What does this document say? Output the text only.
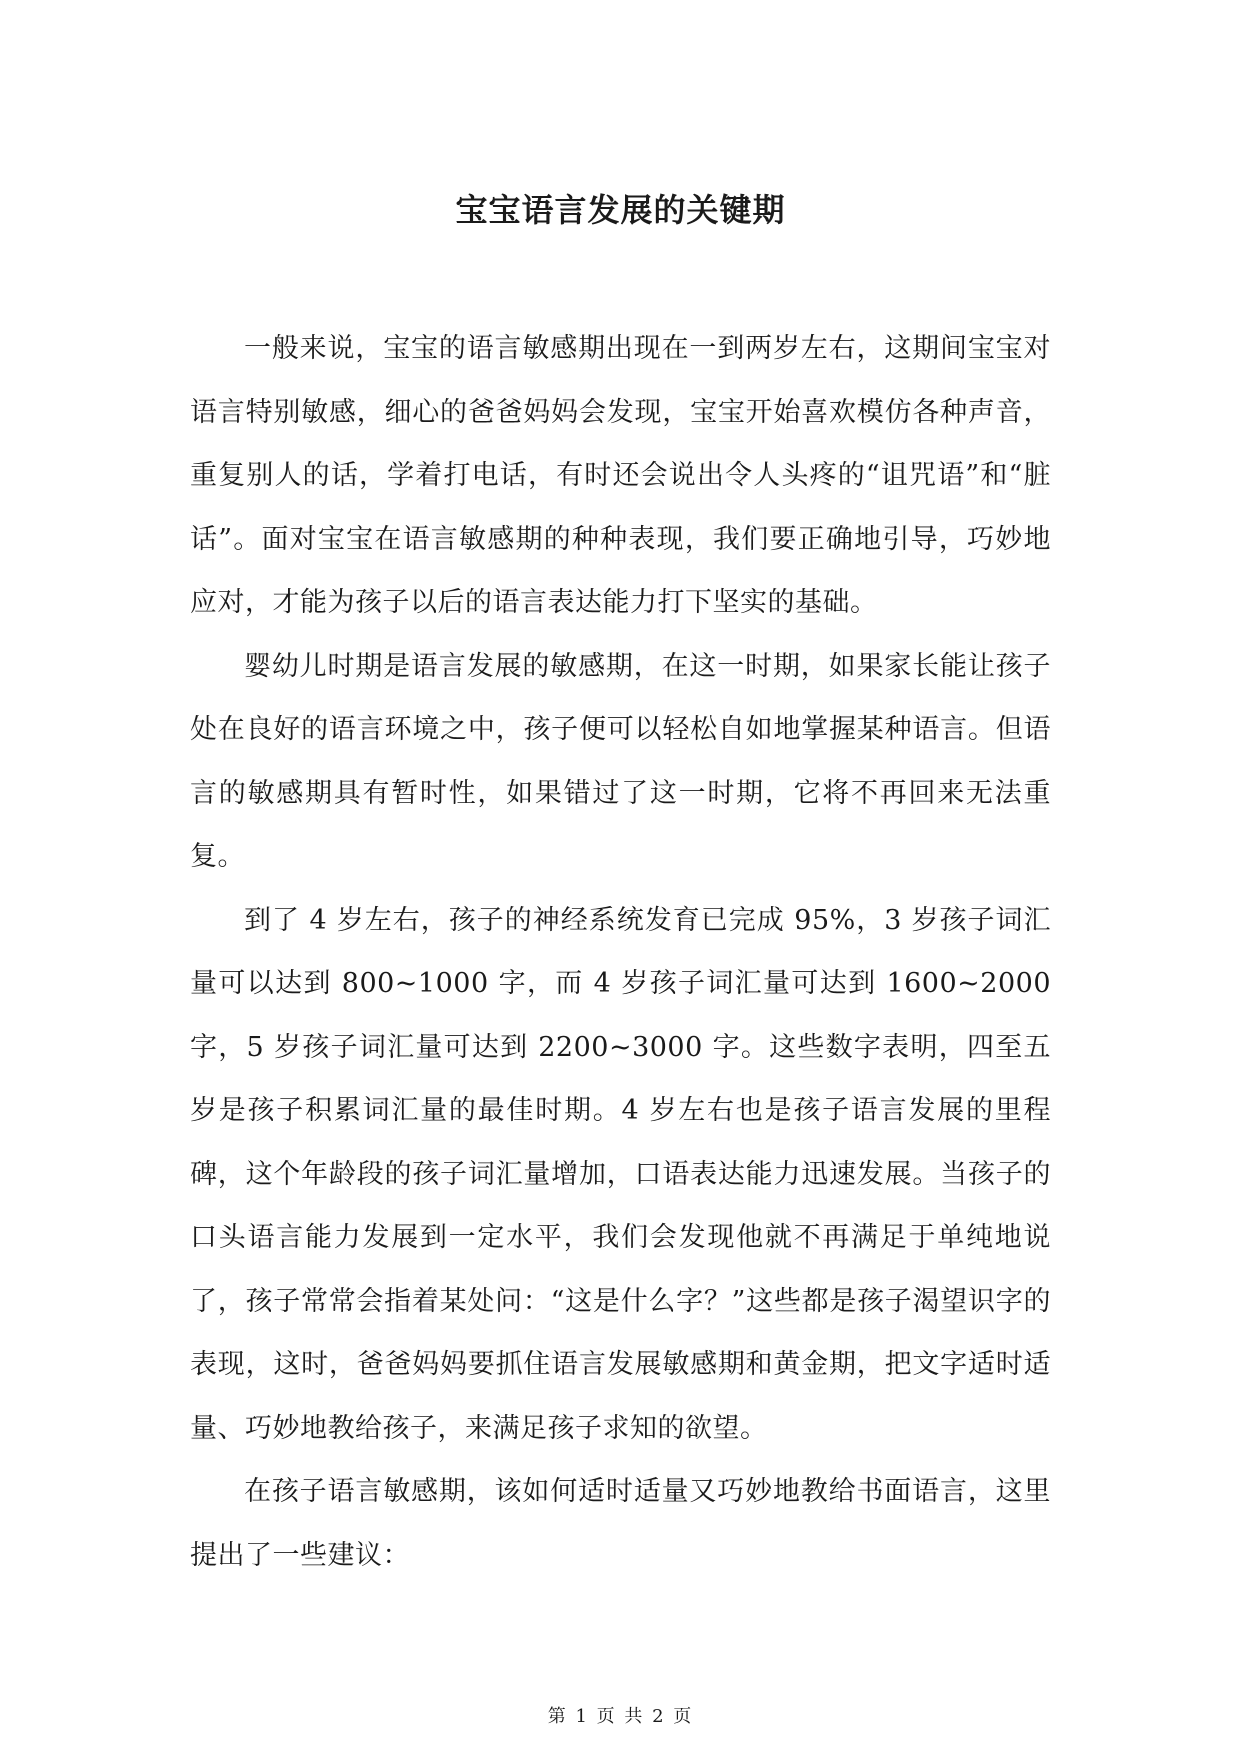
宝宝语言发展的关键期

一般来说，宝宝的语言敏感期出现在一到两岁左右，这期间宝宝对语言特别敏感，细心的爸爸妈妈会发现，宝宝开始喜欢模仿各种声音，重复别人的话，学着打电话，有时还会说出令人头疼的“诅咒语”和“脏话”。面对宝宝在语言敏感期的种种表现，我们要正确地引导，巧妙地应对，才能为孩子以后的语言表达能力打下坚实的基础。

婴幼儿时期是语言发展的敏感期，在这一时期，如果家长能让孩子处在良好的语言环境之中，孩子便可以轻松自如地掌握某种语言。但语言的敏感期具有暂时性，如果错过了这一时期，它将不再回来无法重复。

到了 4 岁左右，孩子的神经系统发育已完成 95%，3 岁孩子词汇量可以达到 800~1000 字，而 4 岁孩子词汇量可达到 1600~2000 字，5 岁孩子词汇量可达到 2200~3000 字。这些数字表明，四至五岁是孩子积累词汇量的最佳时期。4 岁左右也是孩子语言发展的里程碑，这个年龄段的孩子词汇量增加，口语表达能力迅速发展。当孩子的口头语言能力发展到一定水平，我们会发现他就不再满足于单纯地说了，孩子常常会指着某处问：“这是什么字？”这些都是孩子渴望识字的表现，这时，爸爸妈妈要抓住语言发展敏感期和黄金期，把文字适时适量、巧妙地教给孩子，来满足孩子求知的欲望。

在孩子语言敏感期，该如何适时适量又巧妙地教给书面语言，这里提出了一些建议：

第 1 页 共 2 页
